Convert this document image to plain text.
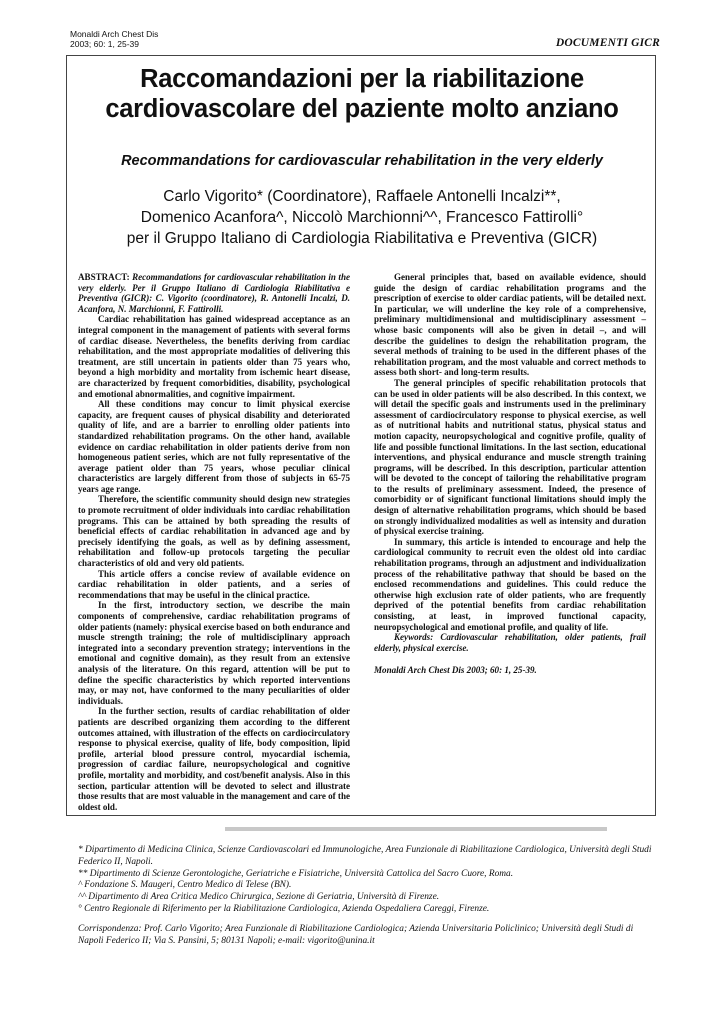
Monaldi Arch Chest Dis
2003; 60: 1, 25-39	DOCUMENTI GICR
Raccomandazioni per la riabilitazione
cardiovascolare del paziente molto anziano
Recommandations for cardiovascular rehabilitation in the very elderly
Carlo Vigorito* (Coordinatore), Raffaele Antonelli Incalzi**,
Domenico Acanfora^, Niccolò Marchionni^^, Francesco Fattirolli°
per il Gruppo Italiano di Cardiologia Riabilitativa e Preventiva (GICR)

ABSTRACT: Recommandations for cardiovascular rehabilitation in the very elderly. Per il Gruppo Italiano di Cardiologia Riabilitativa e Preventiva (GICR): C. Vigorito (coordinatore), R. Antonelli Incalzi, D. Acanfora, N. Marchionni, F. Fattirolli.

Cardiac rehabilitation has gained widespread acceptance as an integral component in the management of patients with several forms of cardiac disease. Nevertheless, the benefits deriving from cardiac rehabilitation, and the most appropriate modalities of delivering this treatment, are still uncertain in patients older than 75 years who, beyond a high morbidity and mortality from ischemic heart disease, are characterized by frequent comorbidities, disability, psychological and emotional abnormalities, and cognitive impairment.

All these conditions may concur to limit physical exercise capacity, are frequent causes of physical disability and deteriorated quality of life, and are a barrier to enrolling older patients into standardized rehabilitation programs. On the other hand, available evidence on cardiac rehabilitation in older patients derive from non homogeneous patient series, which are not fully representative of the average patient older than 75 years, whose peculiar clinical characteristics are largely different from those of subjects in 65-75 years age range.

Therefore, the scientific community should design new strategies to promote recruitment of older individuals into cardiac rehabilitation programs. This can be attained by both spreading the results of beneficial effects of cardiac rehabilitation in advanced age and by precisely identifying the goals, as well as by defining assessment, rehabilitation and follow-up protocols targeting the peculiar characteristics of old and very old patients.

This article offers a concise review of available evidence on cardiac rehabilitation in older patients, and a series of recommendations that may be useful in the clinical practice.

In the first, introductory section, we describe the main components of comprehensive, cardiac rehabilitation programs of older patients (namely: physical exercise based on both endurance and muscle strength training; the role of multidisciplinary approach integrated into a secondary prevention strategy; interventions in the emotional and cognitive domain), as they result from an extensive analysis of the literature. On this regard, attention will be put to define the specific characteristics by which reported interventions may, or may not, have conformed to the many peculiarities of older individuals.

In the further section, results of cardiac rehabilitation of older patients are described organizing them according to the different outcomes attained, with illustration of the effects on cardiocirculatory response to physical exercise, quality of life, body composition, lipid profile, arterial blood pressure control, myocardial ischemia, progression of cardiac failure, neuropsychological and cognitive profile, mortality and morbidity, and cost/benefit analysis. Also in this section, particular attention will be devoted to select and illustrate those results that are most valuable in the management and care of the oldest old.

General principles that, based on available evidence, should guide the design of cardiac rehabilitation programs and the prescription of exercise to older cardiac patients, will be detailed next. In particular, we will underline the key role of a comprehensive, preliminary multidimensional and multidisciplinary assessment – whose basic components will also be given in detail –, and will describe the guidelines to design the rehabilitation program, the several methods of training to be used in the different phases of the rehabilitation program, and the most valuable and correct methods to assess both short- and long-term results.

The general principles of specific rehabilitation protocols that can be used in older patients will be also described. In this context, we will detail the specific goals and instruments used in the preliminary assessment of cardiocirculatory response to physical exercise, as well as of nutritional habits and nutritional status, physical status and motion capacity, neuropsychological and cognitive profile, quality of life and possible functional limitations. In the last section, educational interventions, and physical endurance and muscle strength training programs, will be described. In this description, particular attention will be devoted to the concept of tailoring the rehabilitative program to the results of preliminary assessment. Indeed, the presence of comorbidity or of significant functional limitations should imply the design of alternative rehabilitation programs, which should be based on strongly individualized modalities as well as intensity and duration of physical exercise training.

In summary, this article is intended to encourage and help the cardiological community to recruit even the oldest old into cardiac rehabilitation programs, through an adjustment and individualization process of the rehabilitative pathway that should be based on the enclosed recommendations and guidelines. This could reduce the otherwise high exclusion rate of older patients, who are frequently deprived of the potential benefits from cardiac rehabilitation consisting, at least, in improved functional capacity, neuropsychological and emotional profile, and quality of life.

Keywords: Cardiovascular rehabilitation, older patients, frail elderly, physical exercise.

Monaldi Arch Chest Dis 2003; 60: 1, 25-39.

* Dipartimento di Medicina Clinica, Scienze Cardiovascolari ed Immunologiche, Area Funzionale di Riabilitazione Cardiologica, Università degli Studi Federico II, Napoli.
** Dipartimento di Scienze Gerontologiche, Geriatriche e Fisiatriche, Università Cattolica del Sacro Cuore, Roma.
^ Fondazione S. Maugeri, Centro Medico di Telese (BN).
^^ Dipartimento di Area Critica Medico Chirurgica, Sezione di Geriatria, Università di Firenze.
° Centro Regionale di Riferimento per la Riabilitazione Cardiologica, Azienda Ospedaliera Careggi, Firenze.
Corrispondenza: Prof. Carlo Vigorito; Area Funzionale di Riabilitazione Cardiologica; Azienda Universitaria Policlinico; Università degli Studi di Napoli Federico II; Via S. Pansini, 5; 80131 Napoli; e-mail: vigorito@unina.it
